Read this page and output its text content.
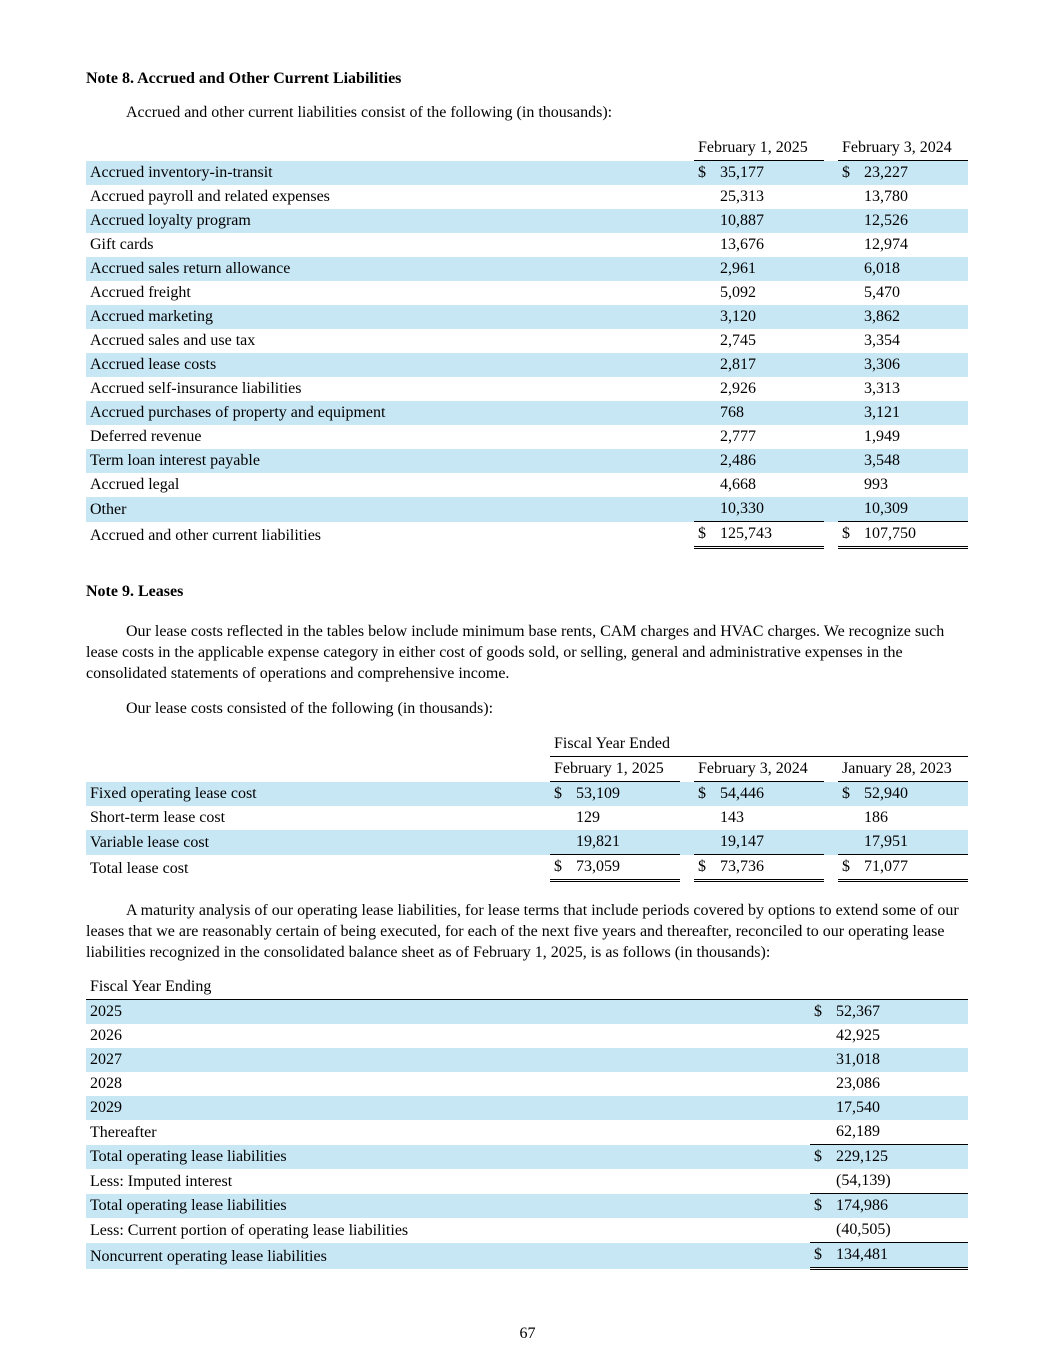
Note 8. Accrued and Other Current Liabilities

Accrued and other current liabilities consist of the following (in thousands):

	February 1, 2025			February 3, 2024	
Accrued inventory-in-transit	$	35,177		$	23,227
Accrued payroll and related expenses		25,313			13,780
Accrued loyalty program		10,887			12,526
Gift cards		13,676			12,974
Accrued sales return allowance		2,961			6,018
Accrued freight		5,092			5,470
Accrued marketing		3,120			3,862
Accrued sales and use tax		2,745			3,354
Accrued lease costs		2,817			3,306
Accrued self-insurance liabilities		2,926			3,313
Accrued purchases of property and equipment		768			3,121
Deferred revenue		2,777			1,949
Term loan interest payable		2,486			3,548
Accrued legal		4,668			993
Other		10,330			10,309
Accrued and other current liabilities	$	125,743		$	107,750
Note 9. Leases

Our lease costs reflected in the tables below include minimum base rents, CAM charges and HVAC charges. We recognize such lease costs in the applicable expense category in either cost of goods sold, or selling, general and administrative expenses in the consolidated statements of operations and comprehensive income.

Our lease costs consisted of the following (in thousands):

	Fiscal Year Ended							
	February 1, 2025			February 3, 2024			January 28, 2023	
Fixed operating lease cost	$	53,109		$	54,446		$	52,940
Short-term lease cost		129			143			186
Variable lease cost		19,821			19,147			17,951
Total lease cost	$	73,059		$	73,736		$	71,077

A maturity analysis of our operating lease liabilities, for lease terms that include periods covered by options to extend some of our leases that we are reasonably certain of being executed, for each of the next five years and thereafter, reconciled to our operating lease liabilities recognized in the consolidated balance sheet as of February 1, 2025, is as follows (in thousands):

Fiscal Year Ending		
2025	$	52,367
2026		42,925
2027		31,018
2028		23,086
2029		17,540
Thereafter		62,189
Total operating lease liabilities	$	229,125
Less: Imputed interest		(54,139)
Total operating lease liabilities	$	174,986
Less: Current portion of operating lease liabilities		(40,505)
Noncurrent operating lease liabilities	$	134,481
67
